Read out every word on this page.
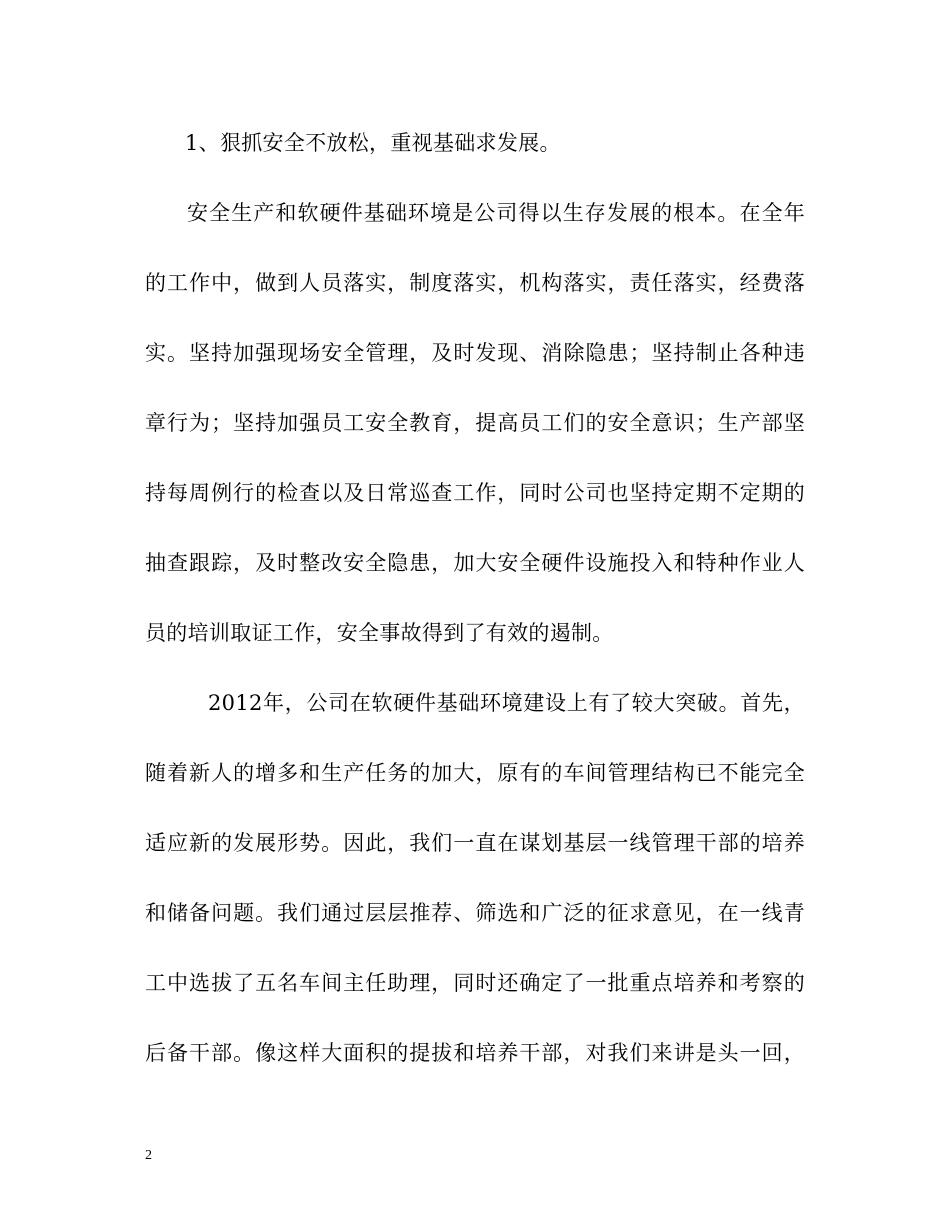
1、狠抓安全不放松，重视基础求发展。
安全生产和软硬件基础环境是公司得以生存发展的根本。在全年
的工作中，做到人员落实，制度落实，机构落实，责任落实，经费落
实。坚持加强现场安全管理，及时发现、消除隐患；坚持制止各种违
章行为；坚持加强员工安全教育，提高员工们的安全意识；生产部坚
持每周例行的检查以及日常巡查工作，同时公司也坚持定期不定期的
抽查跟踪，及时整改安全隐患，加大安全硬件设施投入和特种作业人
员的培训取证工作，安全事故得到了有效的遏制。
2012年，公司在软硬件基础环境建设上有了较大突破。首先，
随着新人的增多和生产任务的加大，原有的车间管理结构已不能完全
适应新的发展形势。因此，我们一直在谋划基层一线管理干部的培养
和储备问题。我们通过层层推荐、筛选和广泛的征求意见，在一线青
工中选拔了五名车间主任助理，同时还确定了一批重点培养和考察的
后备干部。像这样大面积的提拔和培养干部，对我们来讲是头一回，
2
